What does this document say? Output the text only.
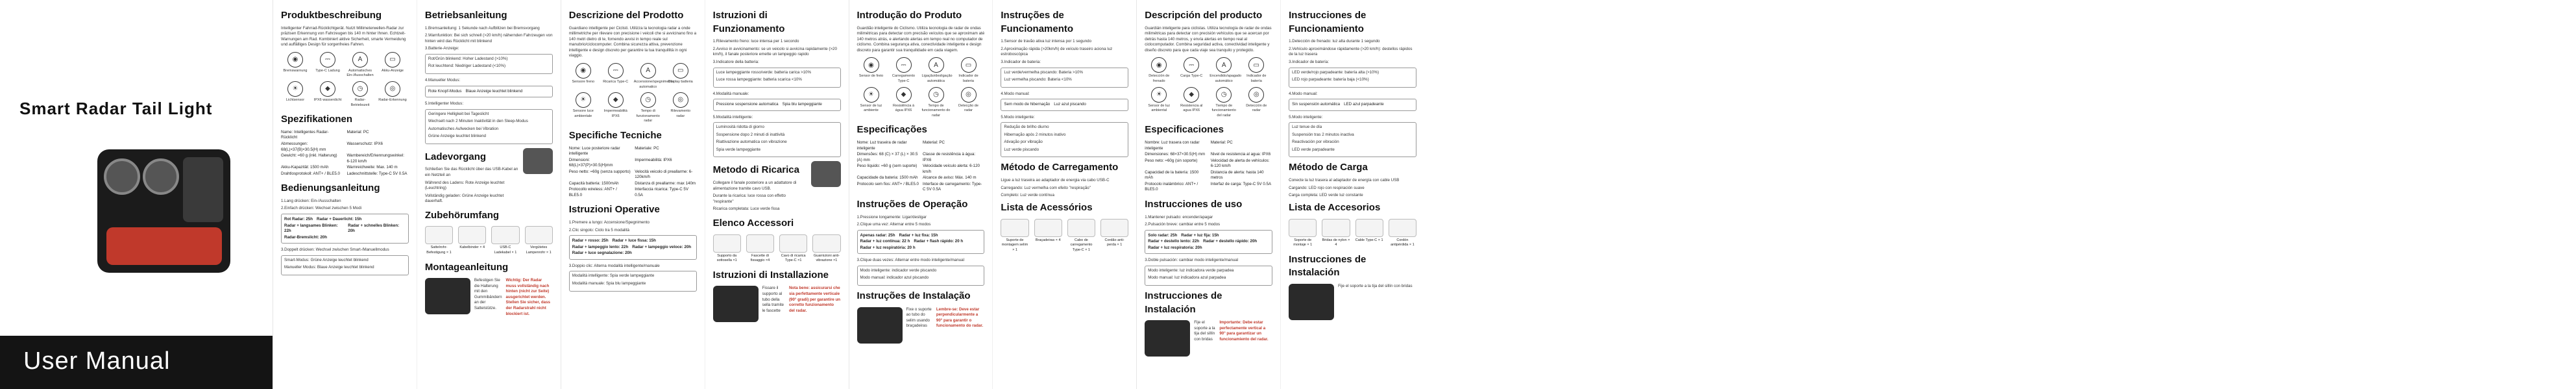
Smart Radar Tail Light
User Manual
Produktbeschreibung

Intelligenter Fahrrad-Rücklichtgerät. Nutzt Millimeterwellen-Radar zur präzisen Erkennung von Fahrzeugen bis 140 m hinter Ihnen. Echtzeit-Warnungen am Rad. Kombiniert aktive Sicherheit, smarte Vermeidung und auffälliges Design für sorgenfreies Fahren.

◉
Bremswarnung
⎓
Type-C Ladung
A
Automatisches Ein-/Ausschalten
▭
Akku-Anzeige
☀
Lichtsensor
◆
IPX6 wasserdicht
◷
Radar-Betriebszeit
◎
Radar-Erkennung
Spezifikationen
Name: Intelligentes Radar-Rücklicht
Material: PC
Abmessungen: 68(L)×37(B)×30.5(H) mm
Wasserschutz: IPX6
Gewicht: ≈60 g (inkl. Halterung)	Warnbereich/Erkennungswinkel: 6-120 km/h
Akku-Kapazität: 1500 mAh	Warnreichweite: Max. 140 m
Drahtlosprotokoll: ANT+ / BLE5.0	Ladeschnittstelle: Type-C 5V 0.5A
Bedienungsanleitung

1.Lang drücken: Ein-/Ausschalten

2.Einfach drücken: Wechsel zwischen 5 Modi

Rot Radar: 25h Radar + Dauerlicht: 15h
Radar + langsames Blinken: 22h
Radar + schnelles Blinken: 20h
Radar-Bremslicht: 20h

3.Doppelt drücken: Wechsel zwischen Smart-/Manuellmodus

Smart-Modus: Grüne Anzeige leuchtet blinkend

Manueller Modus: Blaue Anzeige leuchtet blinkend

Betriebsanleitung

1.Bremsanleitung: 1 Sekunde nach Aufblitzen bei Bremsvorgang

2.Warnfunktion: Bei sich schnell (>20 km/h) nähernden Fahrzeugen von hinten wird das Rücklicht mit blinkend

3.Batterie-Anzeige:

Rot/Grün blinkend: Hoher Ladestand (>10%)

Rot leuchtend: Niedriger Ladestand (<10%)

4.Manueller Modus:

Rote Knopf-Modus Blaue Anzeige leuchtet blinkend

5.Intelligenter Modus:

Geringere Helligkeit bei Tageslicht

Wechselt nach 2 Minuten Inaktivität in den Sleep-Modus

Automatisches Aufwecken bei Vibration

Grüne Anzeige leuchtet blinkend

Ladevorgang

Schließen Sie das Rücklicht über das USB-Kabel an ein Netzteil an

Während des Ladens: Rote Anzeige leuchtet (Leuchtring)

Vollständig geladen: Grüne Anzeige leuchtet dauerhaft.

Zubehörumfang
Sattelrohr-Befestigung × 1
Kabelbinder × 4	USB-C Ladekabel × 1
Vergütetes Lampenrohr × 1
Montageanleitung

Befestigen Sie die Halterung mit den Gummibändern an der Sattelstütze.

Wichtig: Der Radar muss vollständig nach hinten (nicht zur Seite) ausgerichtet werden. Stellen Sie sicher, dass der Radarstrahl nicht blockiert ist.

Descrizione del Prodotto

Guardiano intelligente per Ciclisti. Utilizza la tecnologia radar a onde millimetriche per rilevare con precisione i veicoli che si avvicinano fino a 140 metri dietro di te, fornendo avvisi in tempo reale sul manubrio/ciclocomputer. Combina sicurezza attiva, prevenzione intelligente e design discreto per garantire la tua tranquillità in ogni viaggio.

◉
Sensore freno
⎓
Ricarica Type-C
A
Accensione/spegnimento automatico
▭
Display batteria
☀
Sensore luce ambientale
◆
Impermeabilità IPX6
◷
Tempo di funzionamento radar
◎
Rilevamento radar
Specifiche Tecniche
Nome: Luce posteriore radar intelligente
Materiale: PC
Dimensioni: 68(L)×37(P)×30.5(H)mm
Impermeabilità: IPX6
Peso netto: ≈60g (senza supporto) Velocità veicolo di preallarme: 6-120km/h
Capacità batteria: 1500mAh	Distanza di preallarme: max 140m
Protocollo wireless: ANT+ / BLE5.0
Interfaccia ricarica: Type-C 5V 0.5A
Istruzioni Operative

1.Premere a lungo: Accensione/Spegnimento

2.Clic singolo: Ciclo tra 5 modalità

Radar + rosso: 25h Radar + luce fissa: 15h
Radar + lampeggio lento: 22h Radar + lampeggio veloce: 20h
Radar + luce segnalazione: 20h

3.Doppio clic: Alterna modalità intelligente/manuale

Modalità intelligente: Spia verde lampeggiante

Modalità manuale: Spia blu lampeggiante

Istruzioni di Funzionamento

1.Rilevamento freno: luce intensa per 1 secondo

2.Avviso in avvicinamento: se un veicolo si avvicina rapidamente (>20 km/h), il fanale posteriore emette un lampeggio rapido

3.Indicatore della batteria:

Luce lampeggiante rosso/verde: batteria carica >10%

Luce rossa lampeggiante: batteria scarica <10%

4.Modalità manuale:

Pressione sospensione automatica Spia blu lampeggiante

5.Modalità intelligente:

Luminosità ridotta di giorno

Sospensione dopo 2 minuti di inattività

Riattivazione automatica con vibrazione

Spia verde lampeggiante

Metodo di Ricarica

Collegare il fanale posteriore a un adattatore di alimentazione tramite cavo USB.

Durante la ricarica: luce rossa con effetto "respirante"

Ricarica completata: Luce verde fissa

Elenco Accessori
Supporto da sottosella ×1
Fascette di fissaggio ×4
Cavo di ricarica Type-C ×1
Guarnizioni anti-vibrazione ×1
Istruzioni di Installazione

Fissare il supporto al tubo della sella tramite le fascette

Nota bene: assicurarsi che sia perfettamente verticale (90° gradi) per garantire un corretto funzionamento del radar.

Introdução do Produto

Guardião inteligente do Ciclismo. Utiliza tecnologia de radar de ondas milimétricas para detectar com precisão veículos que se aproximam até 140 metros atrás, e alertando alertas em tempo real no computador de ciclismo. Combina segurança ativa, conectividade inteligente e design discreto para garantir sua tranquilidade em cada viagem.

◉
Sensor de freio
⎓
Carregamento Type-C
A
Ligação/desligação automática
▭
Indicador de bateria
☀
Sensor de luz ambiente
◆
Resistência à água IPX6
◷
Tempo de funcionamento do radar
◎
Detecção de radar
Especificações
Nome: Luz traseira de radar inteligente
Material: PC
Dimensões: 68 (C) × 37 (L) × 30.5 (A) mm
Classe de resistência à água: IPX6
Peso líquido: ≈60 g (sem suporte)	Velocidade veículo alerta: 6-120 km/h
Capacidade da bateria: 1500 mAh Alcance de aviso: Máx. 140 m
Protocolo sem fios: ANT+ / BLE5.0 Interface de carregamento: Type-C 5V 0.5A
Instruções de Operação

1.Pressione longamente: Ligar/desligar

2.Clique uma vez: Alternar entre 5 modos

Apenas radar: 25h Radar + luz fixa: 15h
Radar + luz contínua: 22 h Radar + flash rápido: 20 h
Radar + luz respiratória: 20 h

3.Clique duas vezes: Alternar entre modo inteligente/manual

Modo inteligente: indicador verde piscando

Modo manual: indicador azul piscando

Instruções de Instalação

Fixe o suporte ao tubo do selim usando braçadeiras

Lembre-se: Deve estar perpendicularmente a 90° para garantir o funcionamento do radar.

Instruções de Funcionamento

1.Sensor de travão ativa luz intensa por 1 segundo

2.Aproximação rápida (>20km/h) de veículo traseiro aciona luz estroboscópica

3.Indicador de bateria:

Luz verde/vermelha piscando: Bateria >10%

Luz vermelha piscando: Bateria <10%

4.Modo manual:

Sem modo de hibernação Luz azul piscando

5.Modo inteligente:

Redução de brilho diurno

Hibernação após 2 minutos inativo

Ativação por vibração

Luz verde piscando

Método de Carregamento

Ligue a luz traseira ao adaptador de energia via cabo USB-C

Carregando: Luz vermelha com efeito "respiração"

Completo: Luz verde contínua

Lista de Acessórios
Suporte de montagem selim × 1
Braçadeiras × 4	Cabo de carregamento Type-C × 1
Cordão anti-perda × 1
Descripción del producto

Guardián inteligente para ciclistas. Utiliza tecnología de radar de ondas milimétricas para detectar con precisión vehículos que se acercan por detrás hasta 140 metros, y envía alertas en tiempo real al ciclocomputador. Combina seguridad activa, conectividad inteligente y diseño discreto para que cada viaje sea tranquilo y protegido.

◉
Detección de frenado
⎓
Carga Type-C
A
Encendido/apagado automático
▭
Indicador de batería
☀
Sensor de luz ambiental
◆
Resistencia al agua IPX6
◷
Tiempo de funcionamiento del radar
◎
Detección de radar
Especificaciones
Nombre: Luz trasera con radar inteligente
Material: PC
Dimensiones: 68×37×30.5(H) mm	Nivel de resistencia al agua: IPX6
Peso neto: ≈60g (sin soporte)	Velocidad de alerta de vehículos: 6-120 km/h
Capacidad de la batería: 1500 mAh
Distancia de alerta: hasta 140 metros
Protocolo inalámbrico: ANT+ / BLE5.0
Interfaz de carga: Type-C 5V 0.5A
Instrucciones de uso

1.Mantener pulsado: encender/apagar

2.Pulsación breve: cambiar entre 5 modos

Solo radar: 25h Radar + luz fija: 15h
Radar + destello lento: 22h Radar + destello rápido: 20h
Radar + luz respiratoria: 20h

3.Doble pulsación: cambiar modo inteligente/manual

Modo inteligente: luz indicadora verde parpadea

Modo manual: luz indicadora azul parpadea

Instrucciones de Instalación

Fije el soporte a la tija del sillín con bridas

Importante: Debe estar perfectamente vertical a 90° para garantizar un funcionamiento del radar.

Instrucciones de Funcionamiento

1.Detección de frenado: luz alta durante 1 segundo

2.Vehículo aproximándose rápidamente (>20 km/h): destellos rápidos de la luz trasera

3.Indicador de batería:

LED verde/rojo parpadeante: batería alta (>10%)

LED rojo parpadeante: batería baja (<10%)

4.Modo manual:

Sin suspensión automática LED azul parpadeante

5.Modo inteligente:

Luz tenue de día

Suspensión tras 2 minutos inactiva

Reactivación por vibración

LED verde parpadeante

Método de Carga

Conecte la luz trasera al adaptador de energía con cable USB

Cargando: LED rojo con respiración suave

Carga completa: LED verde luz constante

Lista de Accesorios
Soporte de montaje × 1
Bridas de nylon × 4
Cable Type-C × 1	Cordón antipérdida × 1
Instrucciones de Instalación

Fije el soporte a la tija del sillín con bridas
